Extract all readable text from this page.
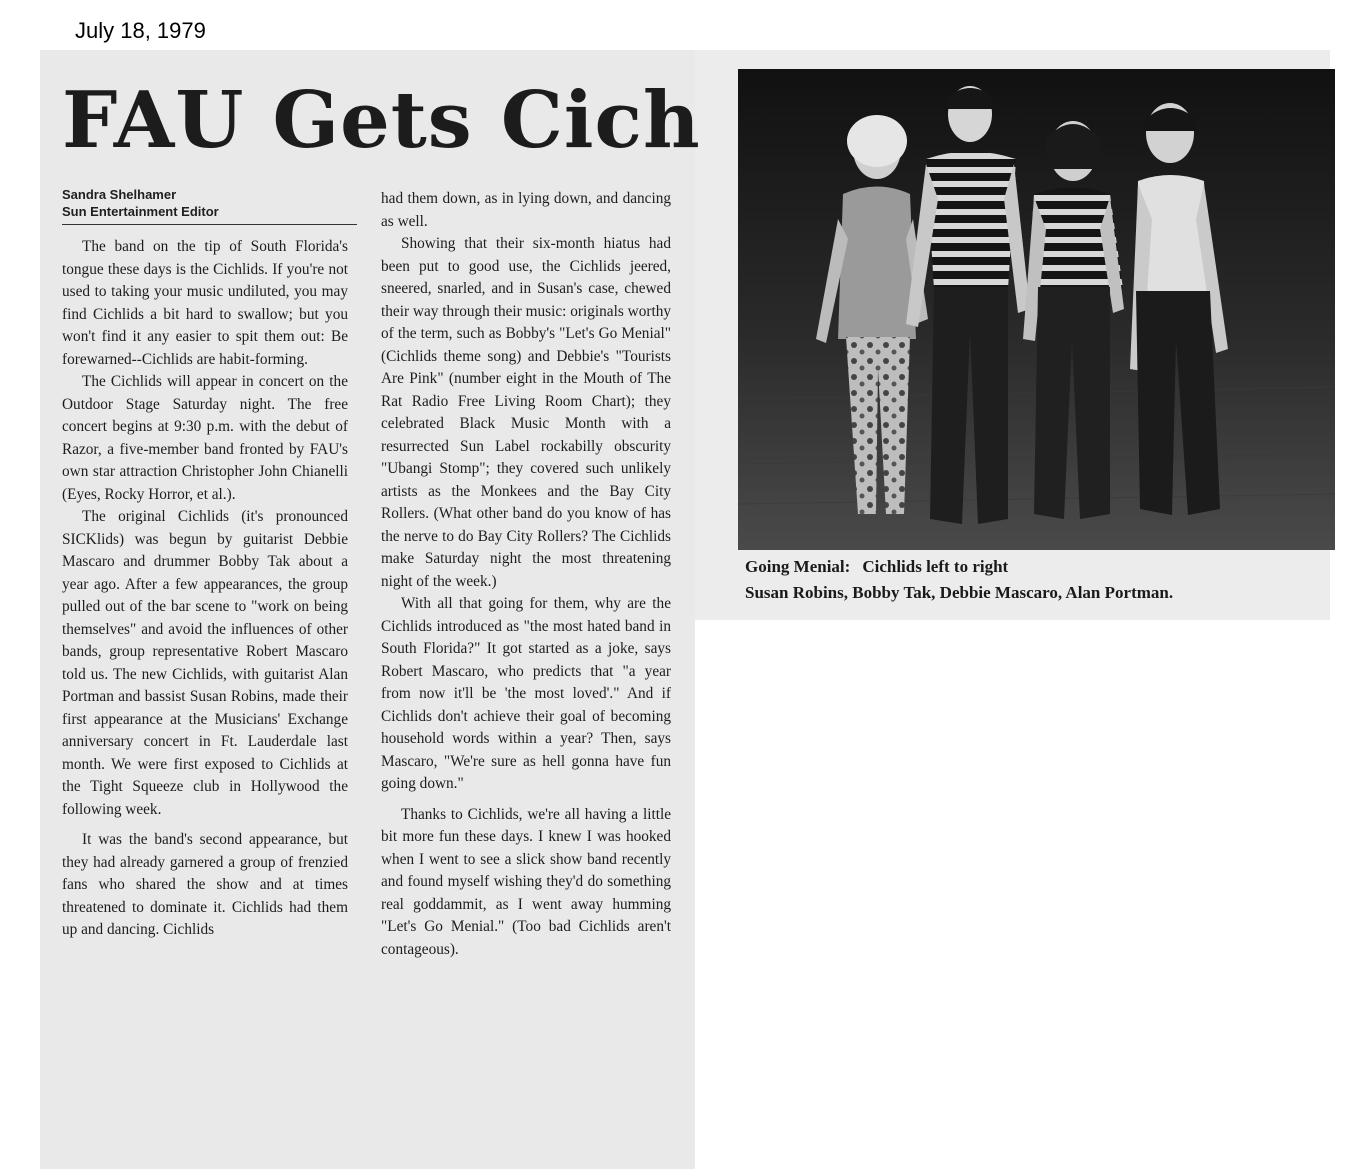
July 18, 1979
FAU Gets Cich
Sandra Shelhamer
Sun Entertainment Editor

The band on the tip of South Florida's tongue these days is the Cichlids. If you're not used to taking your music undiluted, you may find Cichlids a bit hard to swallow; but you won't find it any easier to spit them out: Be forewarned--Cichlids are habit-forming.

The Cichlids will appear in concert on the Outdoor Stage Saturday night. The free concert begins at 9:30 p.m. with the debut of Razor, a five-member band fronted by FAU's own star attraction Christopher John Chianelli (Eyes, Rocky Horror, et al.).

The original Cichlids (it's pronounced SICKlids) was begun by guitarist Debbie Mascaro and drummer Bobby Tak about a year ago. After a few appearances, the group pulled out of the bar scene to "work on being themselves" and avoid the influences of other bands, group representative Robert Mascaro told us. The new Cichlids, with guitarist Alan Portman and bassist Susan Robins, made their first appearance at the Musicians' Exchange anniversary concert in Ft. Lauderdale last month. We were first exposed to Cichlids at the Tight Squeeze club in Hollywood the following week.

It was the band's second appearance, but they had already garnered a group of frenzied fans who shared the show and at times threatened to dominate it. Cichlids had them up and dancing. Cichlids

had them down, as in lying down, and dancing as well.

Showing that their six-month hiatus had been put to good use, the Cichlids jeered, sneered, snarled, and in Susan's case, chewed their way through their music: originals worthy of the term, such as Bobby's "Let's Go Menial" (Cichlids theme song) and Debbie's "Tourists Are Pink" (number eight in the Mouth of The Rat Radio Free Living Room Chart); they celebrated Black Music Month with a resurrected Sun Label rockabilly obscurity "Ubangi Stomp"; they covered such unlikely artists as the Monkees and the Bay City Rollers. (What other band do you know of has the nerve to do Bay City Rollers? The Cichlids make Saturday night the most threatening night of the week.)

With all that going for them, why are the Cichlids introduced as "the most hated band in South Florida?" It got started as a joke, says Robert Mascaro, who predicts that "a year from now it'll be 'the most loved'." And if Cichlids don't achieve their goal of becoming household words within a year? Then, says Mascaro, "We're sure as hell gonna have fun going down."

Thanks to Cichlids, we're all having a little bit more fun these days. I knew I was hooked when I went to see a slick show band recently and found myself wishing they'd do something real goddammit, as I went away humming "Let's Go Menial." (Too bad Cichlids aren't contageous).

Going Menial: Cichlids left to right
Susan Robins, Bobby Tak, Debbie Mascaro, Alan Portman.
